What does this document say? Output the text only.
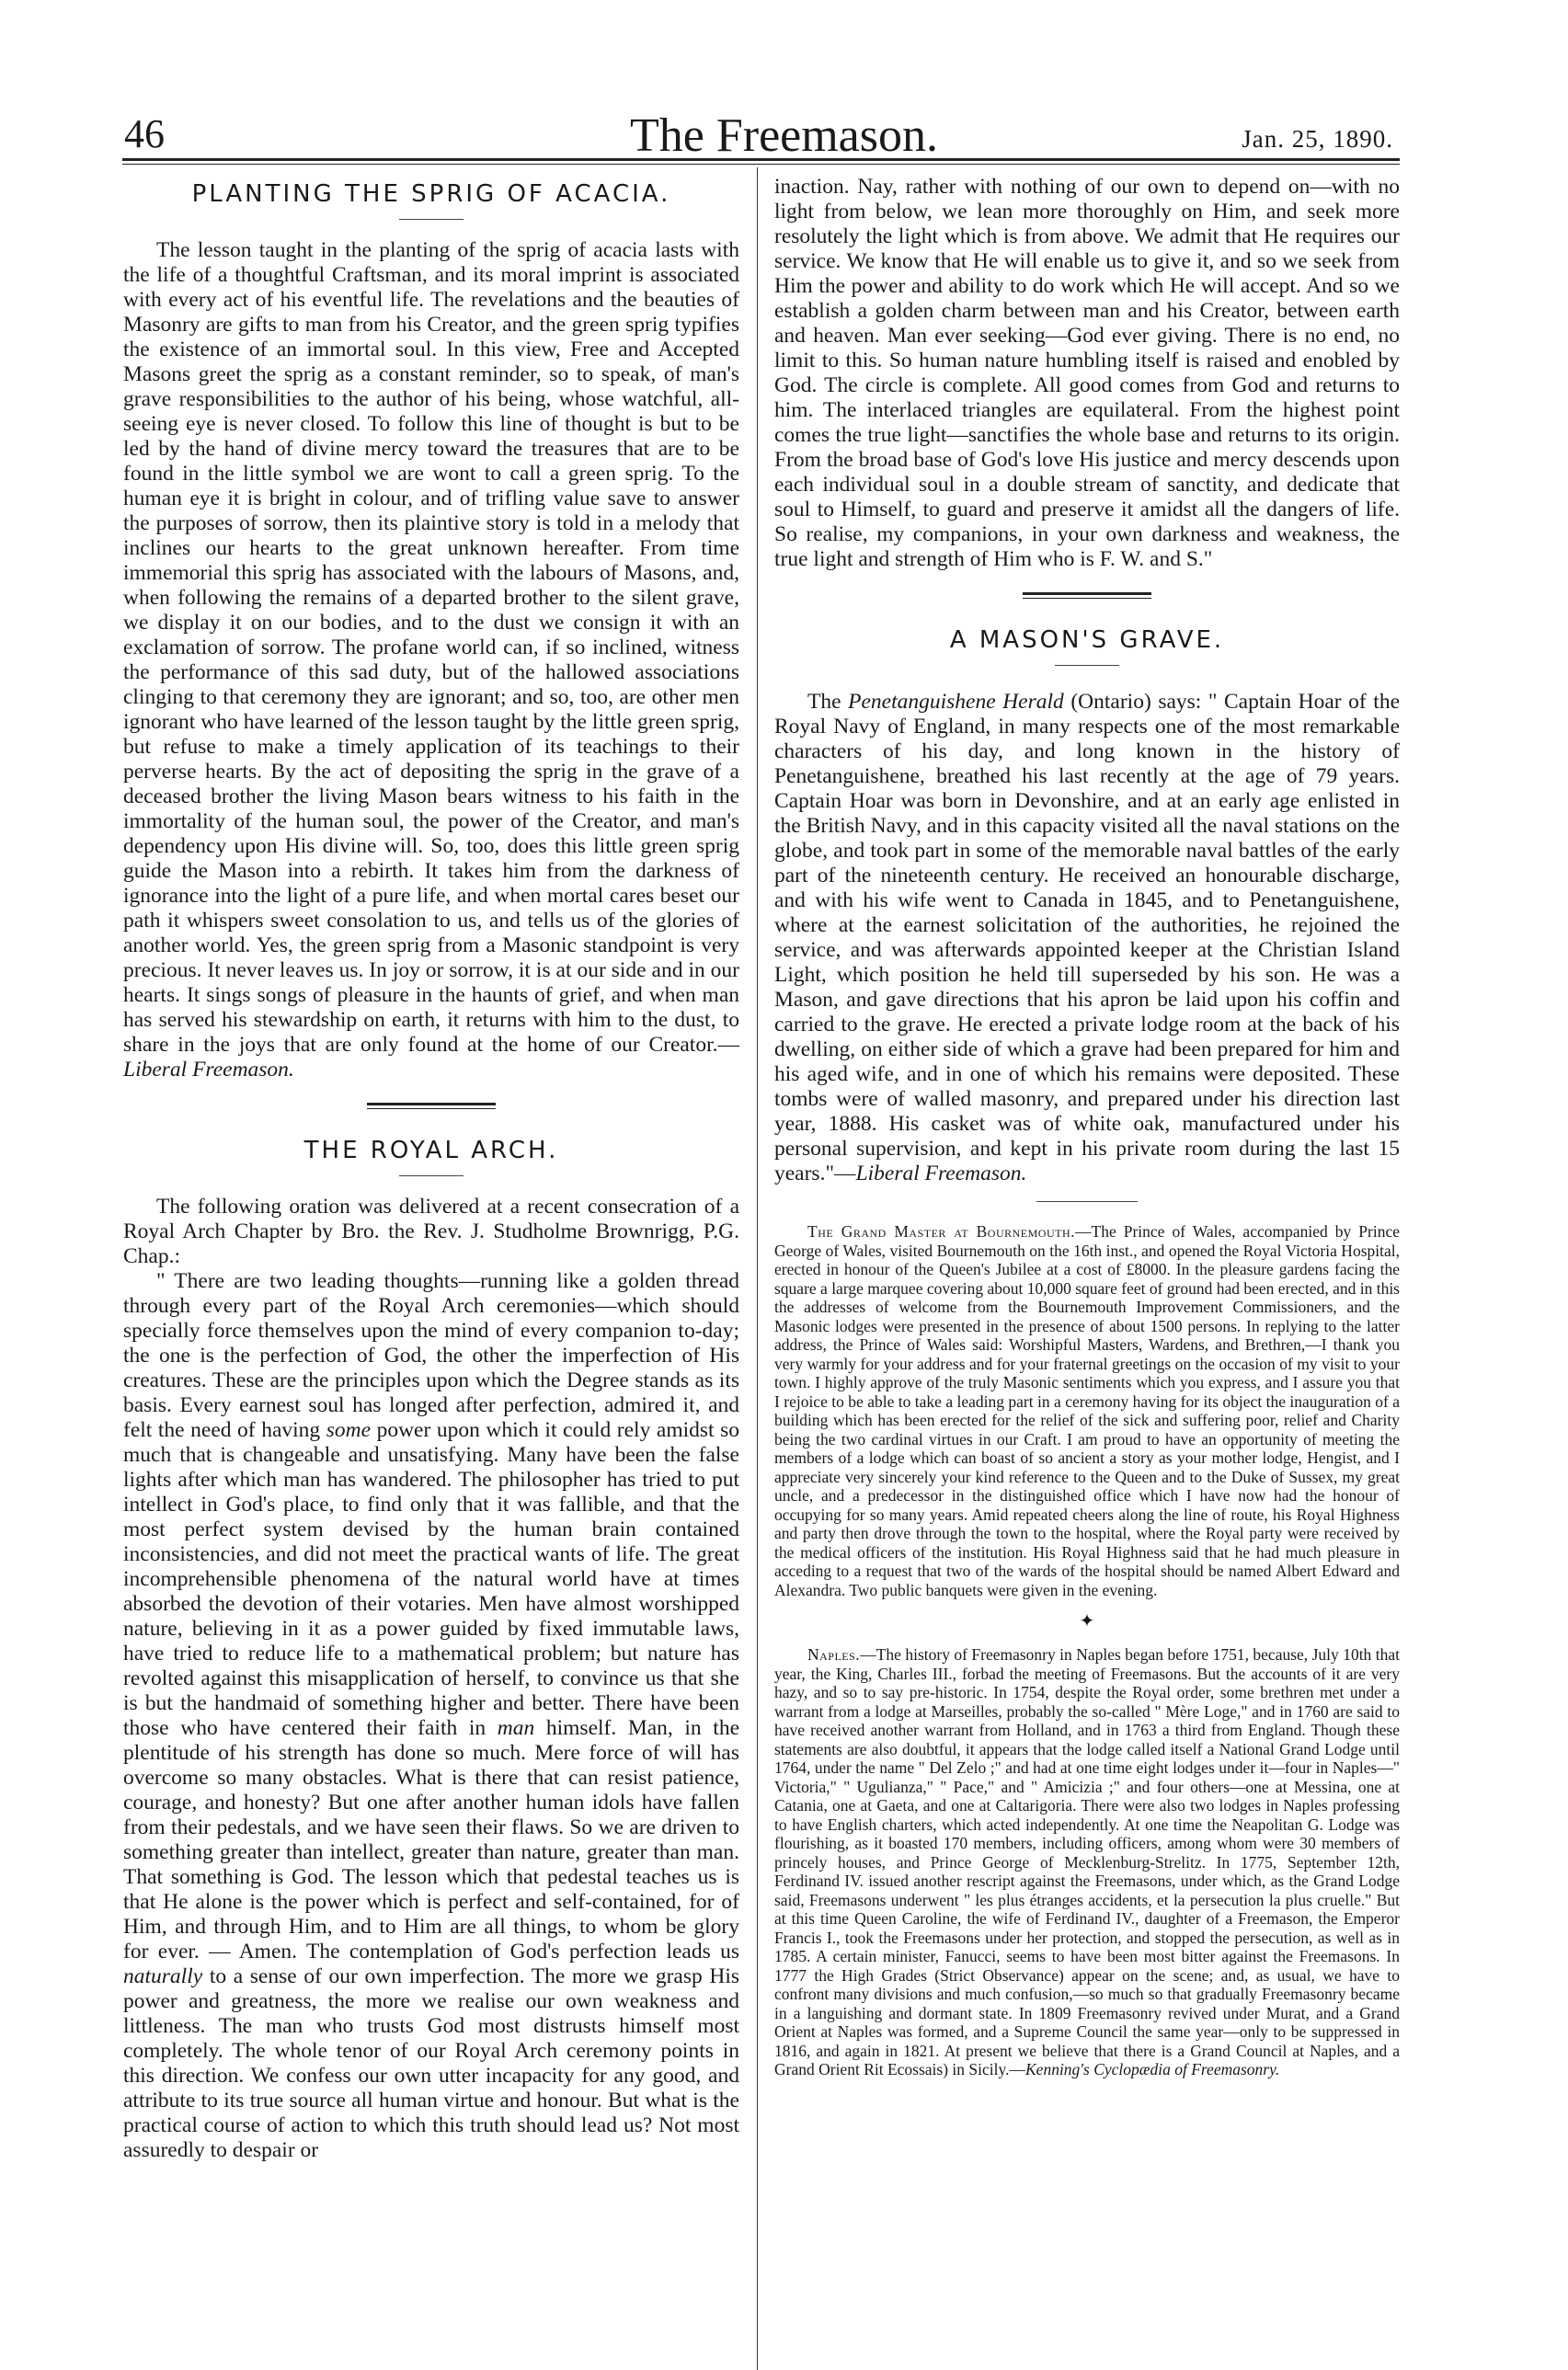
46	The Freemason.	Jan. 25, 1890.
PLANTING THE SPRIG OF ACACIA.

The lesson taught in the planting of the sprig of acacia lasts with the life of a thoughtful Craftsman, and its moral imprint is associated with every act of his eventful life. The revelations and the beauties of Masonry are gifts to man from his Creator, and the green sprig typifies the existence of an immortal soul. In this view, Free and Accepted Masons greet the sprig as a constant reminder, so to speak, of man's grave responsibilities to the author of his being, whose watchful, all-seeing eye is never closed. To follow this line of thought is but to be led by the hand of divine mercy toward the treasures that are to be found in the little symbol we are wont to call a green sprig. To the human eye it is bright in colour, and of trifling value save to answer the purposes of sorrow, then its plaintive story is told in a melody that inclines our hearts to the great unknown hereafter. From time immemorial this sprig has associated with the labours of Masons, and, when following the remains of a departed brother to the silent grave, we display it on our bodies, and to the dust we consign it with an exclamation of sorrow. The profane world can, if so inclined, witness the performance of this sad duty, but of the hallowed associations clinging to that ceremony they are ignorant; and so, too, are other men ignorant who have learned of the lesson taught by the little green sprig, but refuse to make a timely application of its teachings to their perverse hearts. By the act of depositing the sprig in the grave of a deceased brother the living Mason bears witness to his faith in the immortality of the human soul, the power of the Creator, and man's dependency upon His divine will. So, too, does this little green sprig guide the Mason into a rebirth. It takes him from the darkness of ignorance into the light of a pure life, and when mortal cares beset our path it whispers sweet consolation to us, and tells us of the glories of another world. Yes, the green sprig from a Masonic standpoint is very precious. It never leaves us. In joy or sorrow, it is at our side and in our hearts. It sings songs of pleasure in the haunts of grief, and when man has served his stewardship on earth, it returns with him to the dust, to share in the joys that are only found at the home of our Creator.—Liberal Freemason.

THE ROYAL ARCH.

The following oration was delivered at a recent consecration of a Royal Arch Chapter by Bro. the Rev. J. Studholme Brownrigg, P.G. Chap.:

" There are two leading thoughts—running like a golden thread through every part of the Royal Arch ceremonies—which should specially force themselves upon the mind of every companion to-day; the one is the perfection of God, the other the imperfection of His creatures. These are the principles upon which the Degree stands as its basis. Every earnest soul has longed after perfection, admired it, and felt the need of having some power upon which it could rely amidst so much that is changeable and unsatisfying. Many have been the false lights after which man has wandered. The philosopher has tried to put intellect in God's place, to find only that it was fallible, and that the most perfect system devised by the human brain contained inconsistencies, and did not meet the practical wants of life. The great incomprehensible phenomena of the natural world have at times absorbed the devotion of their votaries. Men have almost worshipped nature, believing in it as a power guided by fixed immutable laws, have tried to reduce life to a mathematical problem; but nature has revolted against this misapplication of herself, to convince us that she is but the handmaid of something higher and better. There have been those who have centered their faith in man himself. Man, in the plentitude of his strength has done so much. Mere force of will has overcome so many obstacles. What is there that can resist patience, courage, and honesty? But one after another human idols have fallen from their pedestals, and we have seen their flaws. So we are driven to something greater than intellect, greater than nature, greater than man. That something is God. The lesson which that pedestal teaches us is that He alone is the power which is perfect and self-contained, for of Him, and through Him, and to Him are all things, to whom be glory for ever. — Amen. The contemplation of God's perfection leads us naturally to a sense of our own imperfection. The more we grasp His power and greatness, the more we realise our own weakness and littleness. The man who trusts God most distrusts himself most completely. The whole tenor of our Royal Arch ceremony points in this direction. We confess our own utter incapacity for any good, and attribute to its true source all human virtue and honour. But what is the practical course of action to which this truth should lead us? Not most assuredly to despair or

inaction. Nay, rather with nothing of our own to depend on—with no light from below, we lean more thoroughly on Him, and seek more resolutely the light which is from above. We admit that He requires our service. We know that He will enable us to give it, and so we seek from Him the power and ability to do work which He will accept. And so we establish a golden charm between man and his Creator, between earth and heaven. Man ever seeking—God ever giving. There is no end, no limit to this. So human nature humbling itself is raised and enobled by God. The circle is complete. All good comes from God and returns to him. The interlaced triangles are equilateral. From the highest point comes the true light—sanctifies the whole base and returns to its origin. From the broad base of God's love His justice and mercy descends upon each individual soul in a double stream of sanctity, and dedicate that soul to Himself, to guard and preserve it amidst all the dangers of life. So realise, my companions, in your own darkness and weakness, the true light and strength of Him who is F. W. and S."

A MASON'S GRAVE.

The Penetanguishene Herald (Ontario) says: " Captain Hoar of the Royal Navy of England, in many respects one of the most remarkable characters of his day, and long known in the history of Penetanguishene, breathed his last recently at the age of 79 years. Captain Hoar was born in Devonshire, and at an early age enlisted in the British Navy, and in this capacity visited all the naval stations on the globe, and took part in some of the memorable naval battles of the early part of the nineteenth century. He received an honourable discharge, and with his wife went to Canada in 1845, and to Penetanguishene, where at the earnest solicitation of the authorities, he rejoined the service, and was afterwards appointed keeper at the Christian Island Light, which position he held till superseded by his son. He was a Mason, and gave directions that his apron be laid upon his coffin and carried to the grave. He erected a private lodge room at the back of his dwelling, on either side of which a grave had been prepared for him and his aged wife, and in one of which his remains were deposited. These tombs were of walled masonry, and prepared under his direction last year, 1888. His casket was of white oak, manufactured under his personal supervision, and kept in his private room during the last 15 years."—Liberal Freemason.

The Grand Master at Bournemouth.—The Prince of Wales, accompanied by Prince George of Wales, visited Bournemouth on the 16th inst., and opened the Royal Victoria Hospital, erected in honour of the Queen's Jubilee at a cost of £8000. In the pleasure gardens facing the square a large marquee covering about 10,000 square feet of ground had been erected, and in this the addresses of welcome from the Bournemouth Improvement Commissioners, and the Masonic lodges were presented in the presence of about 1500 persons. In replying to the latter address, the Prince of Wales said: Worshipful Masters, Wardens, and Brethren,—I thank you very warmly for your address and for your fraternal greetings on the occasion of my visit to your town. I highly approve of the truly Masonic sentiments which you express, and I assure you that I rejoice to be able to take a leading part in a ceremony having for its object the inauguration of a building which has been erected for the relief of the sick and suffering poor, relief and Charity being the two cardinal virtues in our Craft. I am proud to have an opportunity of meeting the members of a lodge which can boast of so ancient a story as your mother lodge, Hengist, and I appreciate very sincerely your kind reference to the Queen and to the Duke of Sussex, my great uncle, and a predecessor in the distinguished office which I have now had the honour of occupying for so many years. Amid repeated cheers along the line of route, his Royal Highness and party then drove through the town to the hospital, where the Royal party were received by the medical officers of the institution. His Royal Highness said that he had much pleasure in acceding to a request that two of the wards of the hospital should be named Albert Edward and Alexandra. Two public banquets were given in the evening.

✦

Naples.—The history of Freemasonry in Naples began before 1751, because, July 10th that year, the King, Charles III., forbad the meeting of Freemasons. But the accounts of it are very hazy, and so to say pre-historic. In 1754, despite the Royal order, some brethren met under a warrant from a lodge at Marseilles, probably the so-called " Mère Loge," and in 1760 are said to have received another warrant from Holland, and in 1763 a third from England. Though these statements are also doubtful, it appears that the lodge called itself a National Grand Lodge until 1764, under the name " Del Zelo ;" and had at one time eight lodges under it—four in Naples—" Victoria," " Ugulianza," " Pace," and " Amicizia ;" and four others—one at Messina, one at Catania, one at Gaeta, and one at Caltarigoria. There were also two lodges in Naples professing to have English charters, which acted independently. At one time the Neapolitan G. Lodge was flourishing, as it boasted 170 members, including officers, among whom were 30 members of princely houses, and Prince George of Mecklenburg-Strelitz. In 1775, September 12th, Ferdinand IV. issued another rescript against the Freemasons, under which, as the Grand Lodge said, Freemasons underwent " les plus étranges accidents, et la persecution la plus cruelle." But at this time Queen Caroline, the wife of Ferdinand IV., daughter of a Freemason, the Emperor Francis I., took the Freemasons under her protection, and stopped the persecution, as well as in 1785. A certain minister, Fanucci, seems to have been most bitter against the Freemasons. In 1777 the High Grades (Strict Observance) appear on the scene; and, as usual, we have to confront many divisions and much confusion,—so much so that gradually Freemasonry became in a languishing and dormant state. In 1809 Freemasonry revived under Murat, and a Grand Orient at Naples was formed, and a Supreme Council the same year—only to be suppressed in 1816, and again in 1821. At present we believe that there is a Grand Council at Naples, and a Grand Orient Rit Ecossais) in Sicily.—Kenning's Cyclopædia of Freemasonry.
